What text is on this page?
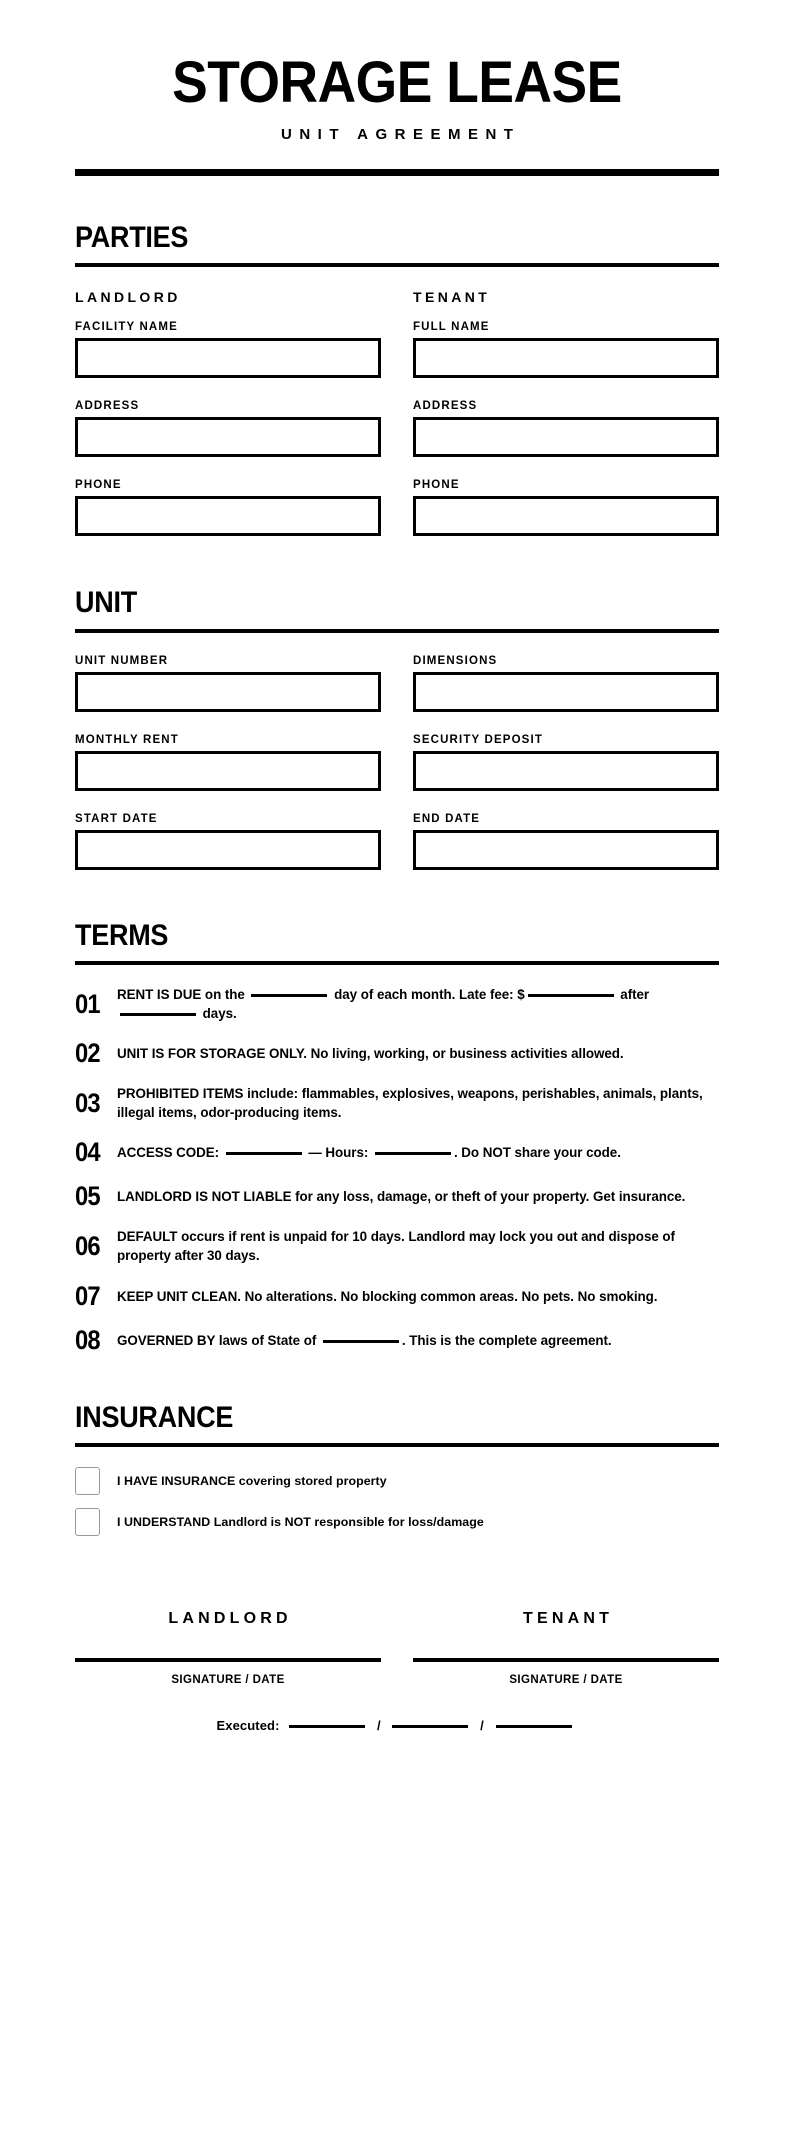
STORAGE LEASE
UNIT AGREEMENT
PARTIES
LANDLORD
FACILITY NAME
ADDRESS
PHONE
TENANT
FULL NAME
ADDRESS
PHONE
UNIT
UNIT NUMBER	DIMENSIONS
MONTHLY RENT	SECURITY DEPOSIT
START DATE	END DATE
TERMS
01	RENT IS DUE on the	day of each month. Late fee: $	after  days.
02	UNIT IS FOR STORAGE ONLY. No living, working, or business activities allowed.
03	PROHIBITED ITEMS include: flammables, explosives, weapons, perishables, animals, plants, illegal items, odor-producing items.
04	ACCESS CODE:	— Hours:	. Do NOT share your code.
05	LANDLORD IS NOT LIABLE for any loss, damage, or theft of your property. Get insurance.
06	DEFAULT occurs if rent is unpaid for 10 days. Landlord may lock you out and dispose of property after 30 days.
07	KEEP UNIT CLEAN. No alterations. No blocking common areas. No pets. No smoking.
08	GOVERNED BY laws of State of	. This is the complete agreement.
INSURANCE
I HAVE INSURANCE covering stored property
I UNDERSTAND Landlord is NOT responsible for loss/damage
LANDLORD
SIGNATURE / DATE
TENANT
SIGNATURE / DATE
Executed:	/	/
